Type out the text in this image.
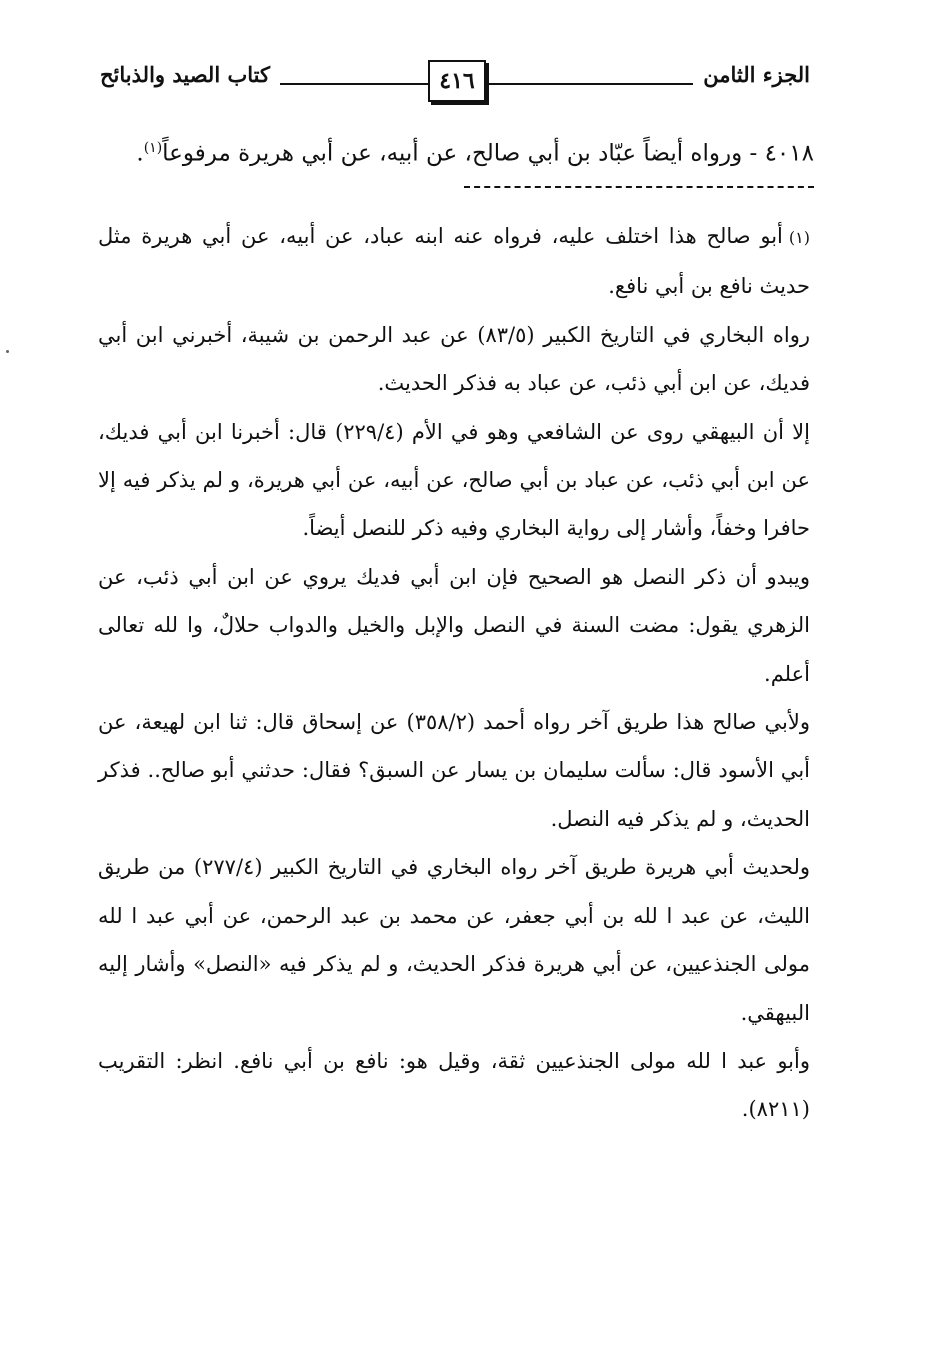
الجزء الثامن
٤١٦
كتاب الصيد والذبائح
٤٠١٨ - ورواه أيضاً عبّاد بن أبي صالح، عن أبيه، عن أبي هريرة مرفوعاً$^{(١)}$.

(١)أبو صالح هذا اختلف عليه، فرواه عنه ابنه عباد، عن أبيه، عن أبي هريرة مثل حديث نافع بن أبي نافع.

رواه البخاري في التاريخ الكبير (٨٣/٥) عن عبد الرحمن بن شيبة، أخبرني ابن أبي فديك، عن ابن أبي ذئب، عن عباد به فذكر الحديث.

إلا أن البيهقي روى عن الشافعي وهو في الأم (٢٢٩/٤) قال: أخبرنا ابن أبي فديك، عن ابن أبي ذئب، عن عباد بن أبي صالح، عن أبيه، عن أبي هريرة، و لم يذكر فيه إلا حافرا وخفاً، وأشار إلى رواية البخاري وفيه ذكر للنصل أيضاً.

ويبدو أن ذكر النصل هو الصحيح فإن ابن أبي فديك يروي عن ابن أبي ذئب، عن الزهري يقول: مضت السنة في النصل والإبل والخيل والدواب حلالٌ، وا لله تعالى أعلم.

ولأبي صالح هذا طريق آخر رواه أحمد (٣٥٨/٢) عن إسحاق قال: ثنا ابن لهيعة، عن أبي الأسود قال: سألت سليمان بن يسار عن السبق؟ فقال: حدثني أبو صالح.. فذكر الحديث، و لم يذكر فيه النصل.

ولحديث أبي هريرة طريق آخر رواه البخاري في التاريخ الكبير (٢٧٧/٤) من طريق الليث، عن عبد ا لله بن أبي جعفر، عن محمد بن عبد الرحمن، عن أبي عبد ا لله مولى الجنذعيين، عن أبي هريرة فذكر الحديث، و لم يذكر فيه «النصل» وأشار إليه البيهقي.

وأبو عبد ا لله مولى الجنذعيين ثقة، وقيل هو: نافع بن أبي نافع. انظر: التقريب (٨٢١١).
